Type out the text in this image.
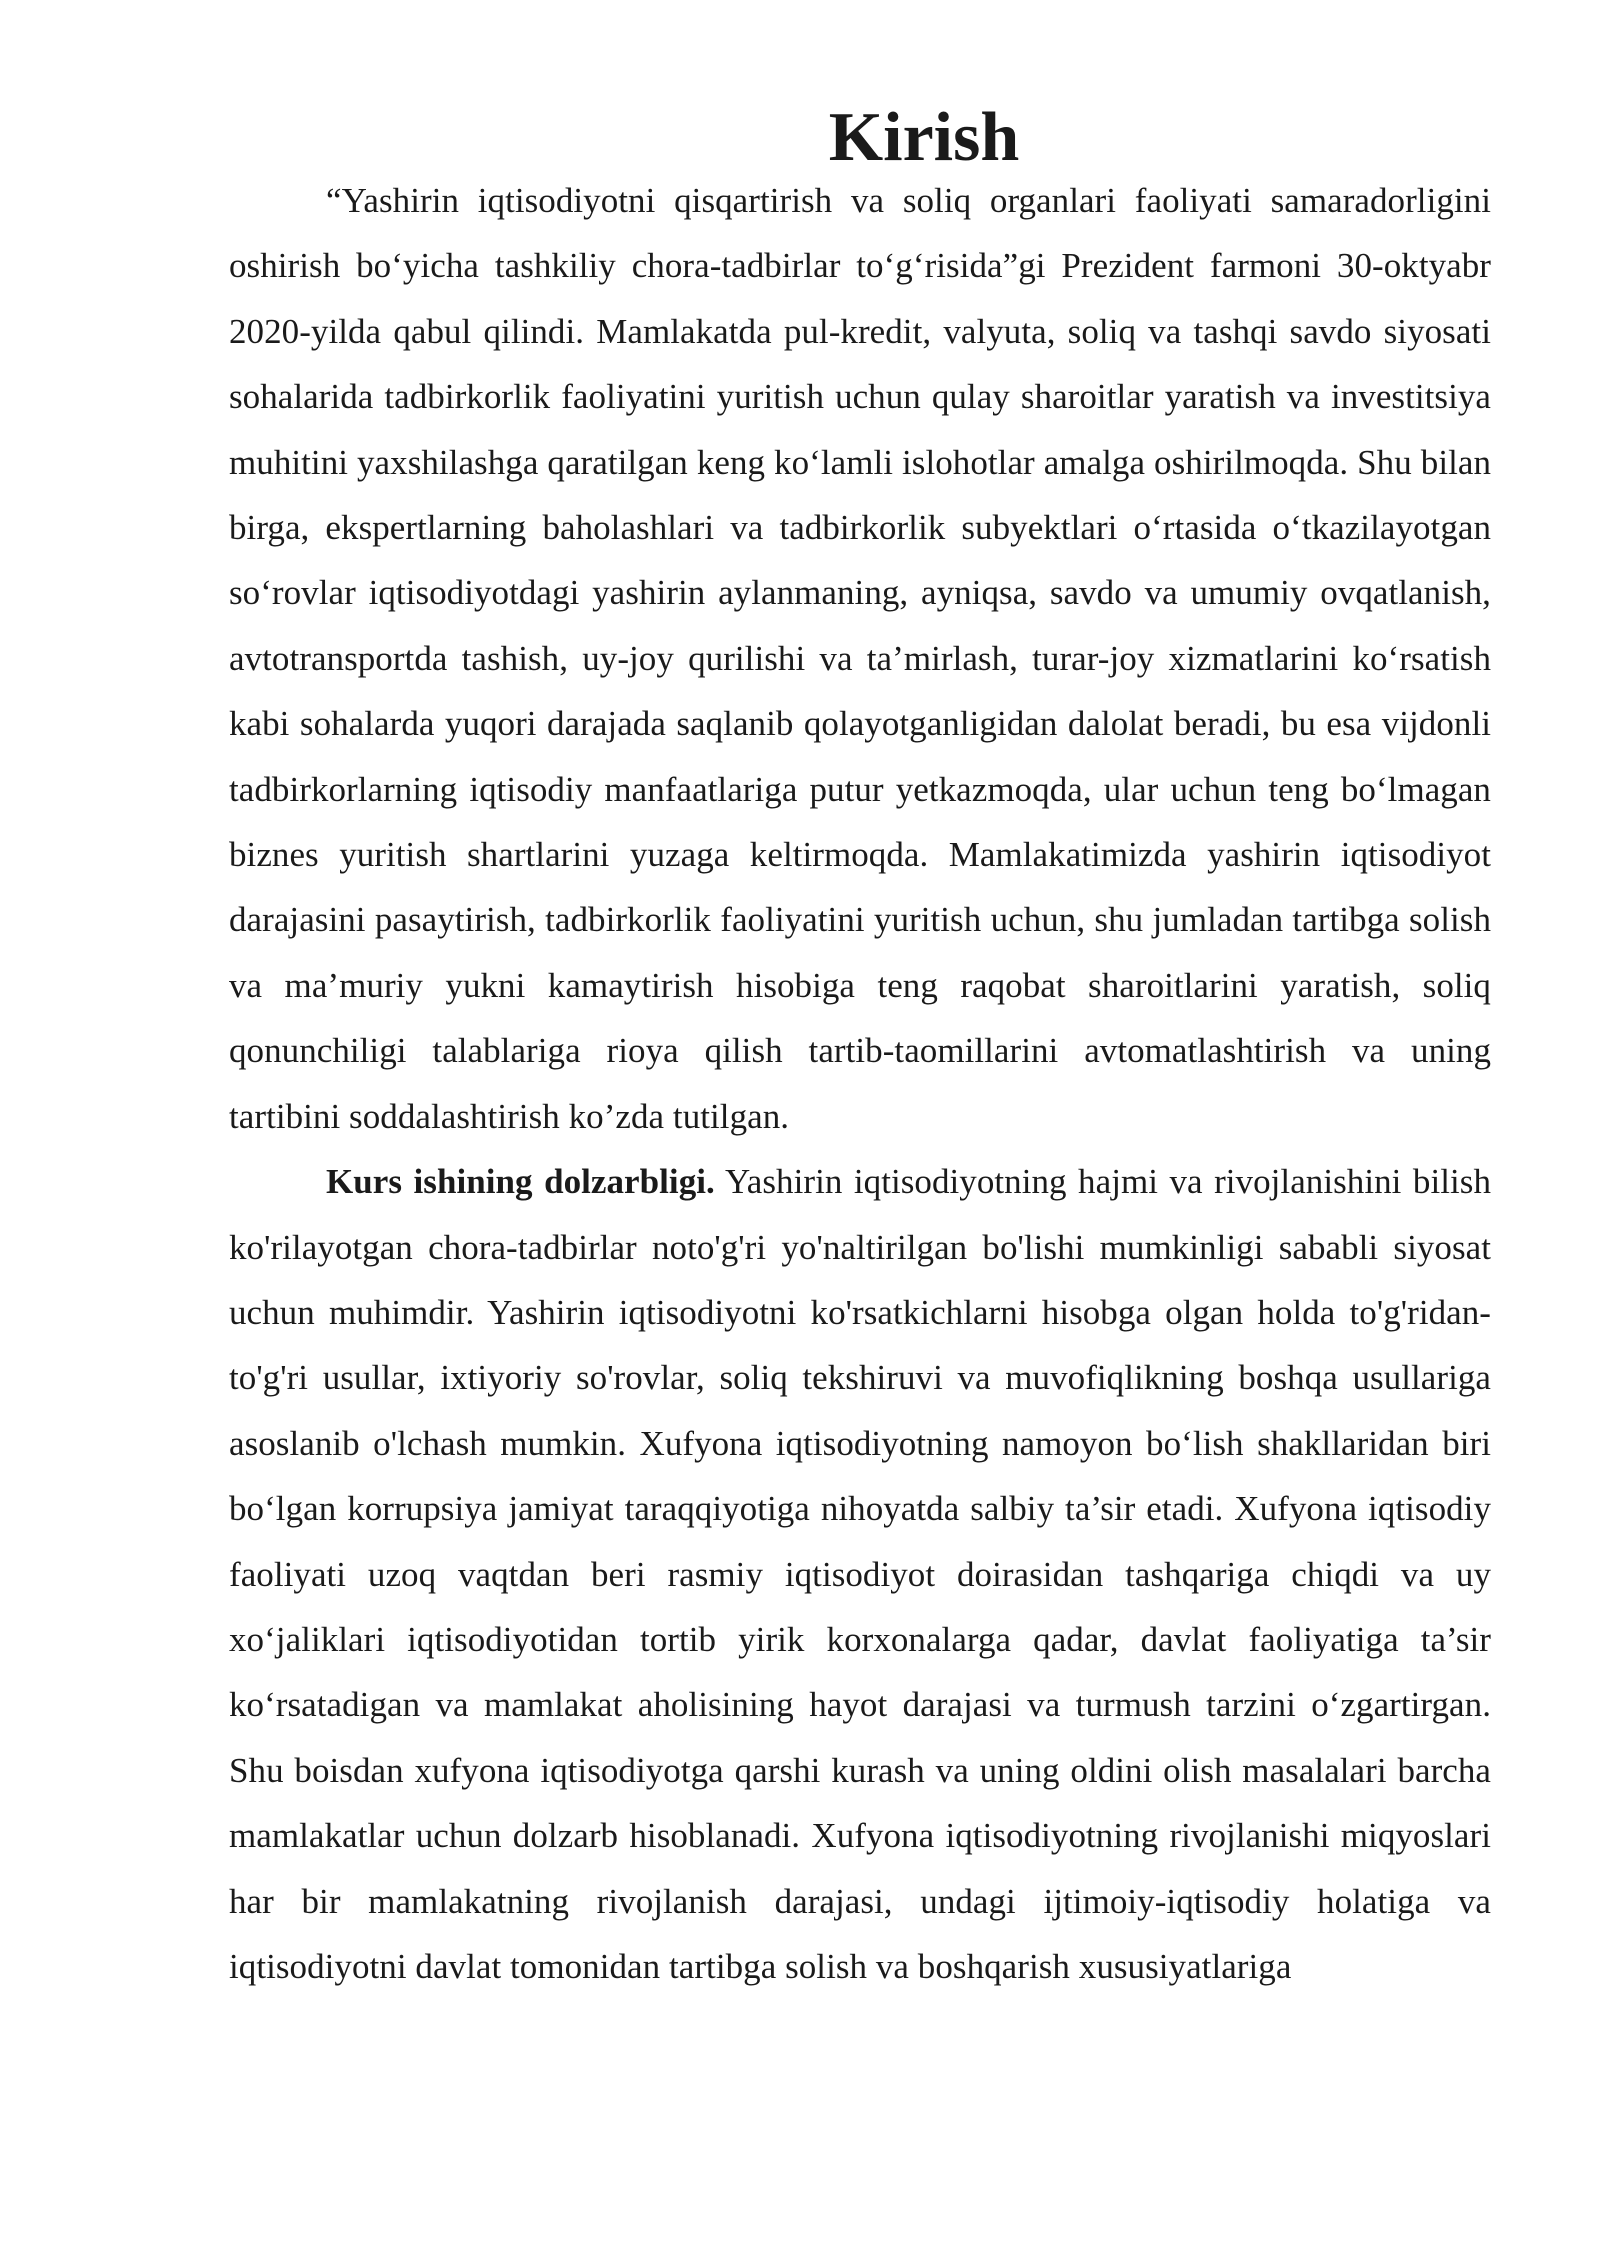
Kirish

“Yashirin iqtisodiyotni qisqartirish va soliq organlari faoliyati samaradorligini oshirish bo‘yicha tashkiliy chora-tadbirlar to‘g‘risida”gi Prezident farmoni 30-oktyabr 2020-yilda qabul qilindi. Mamlakatda pul-kredit, valyuta, soliq va tashqi savdo siyosati sohalarida tadbirkorlik faoliyatini yuritish uchun qulay sharoitlar yaratish va investitsiya muhitini yaxshilashga qaratilgan keng ko‘lamli islohotlar amalga oshirilmoqda. Shu bilan birga, ekspertlarning baholashlari va tadbirkorlik subyektlari o‘rtasida o‘tkazilayotgan so‘rovlar iqtisodiyotdagi yashirin aylanmaning, ayniqsa, savdo va umumiy ovqatlanish, avtotransportda tashish, uy-joy qurilishi va ta’mirlash, turar-joy xizmatlarini ko‘rsatish kabi sohalarda yuqori darajada saqlanib qolayotganligidan dalolat beradi, bu esa vijdonli tadbirkorlarning iqtisodiy manfaatlariga putur yetkazmoqda, ular uchun teng bo‘lmagan biznes yuritish shartlarini yuzaga keltirmoqda. Mamlakatimizda yashirin iqtisodiyot darajasini pasaytirish, tadbirkorlik faoliyatini yuritish uchun, shu jumladan tartibga solish va ma’muriy yukni kamaytirish hisobiga teng raqobat sharoitlarini yaratish, soliq qonunchiligi talablariga rioya qilish tartib-taomillarini avtomatlashtirish va uning tartibini soddalashtirish ko’zda tutilgan.

Kurs ishining dolzarbligi. Yashirin iqtisodiyotning hajmi va rivojlanishini bilish ko'rilayotgan chora-tadbirlar noto'g'ri yo'naltirilgan bo'lishi mumkinligi sababli siyosat uchun muhimdir. Yashirin iqtisodiyotni ko'rsatkichlarni hisobga olgan holda to'g'ridan-to'g'ri usullar, ixtiyoriy so'rovlar, soliq tekshiruvi va muvofiqlikning boshqa usullariga asoslanib o'lchash mumkin. Xufyona iqtisodiyotning namoyon bo‘lish shakllaridan biri bo‘lgan korrupsiya jamiyat taraqqiyotiga nihoyatda salbiy ta’sir etadi. Xufyona iqtisodiy faoliyati uzoq vaqtdan beri rasmiy iqtisodiyot doirasidan tashqariga chiqdi va uy xo‘jaliklari iqtisodiyotidan tortib yirik korxonalarga qadar, davlat faoliyatiga ta’sir ko‘rsatadigan va mamlakat aholisining hayot darajasi va turmush tarzini o‘zgartirgan. Shu boisdan xufyona iqtisodiyotga qarshi kurash va uning oldini olish masalalari barcha mamlakatlar uchun dolzarb hisoblanadi. Xufyona iqtisodiyotning rivojlanishi miqyoslari har bir mamlakatning rivojlanish darajasi, undagi ijtimoiy-iqtisodiy holatiga va iqtisodiyotni davlat tomonidan tartibga solish va boshqarish xususiyatlariga
